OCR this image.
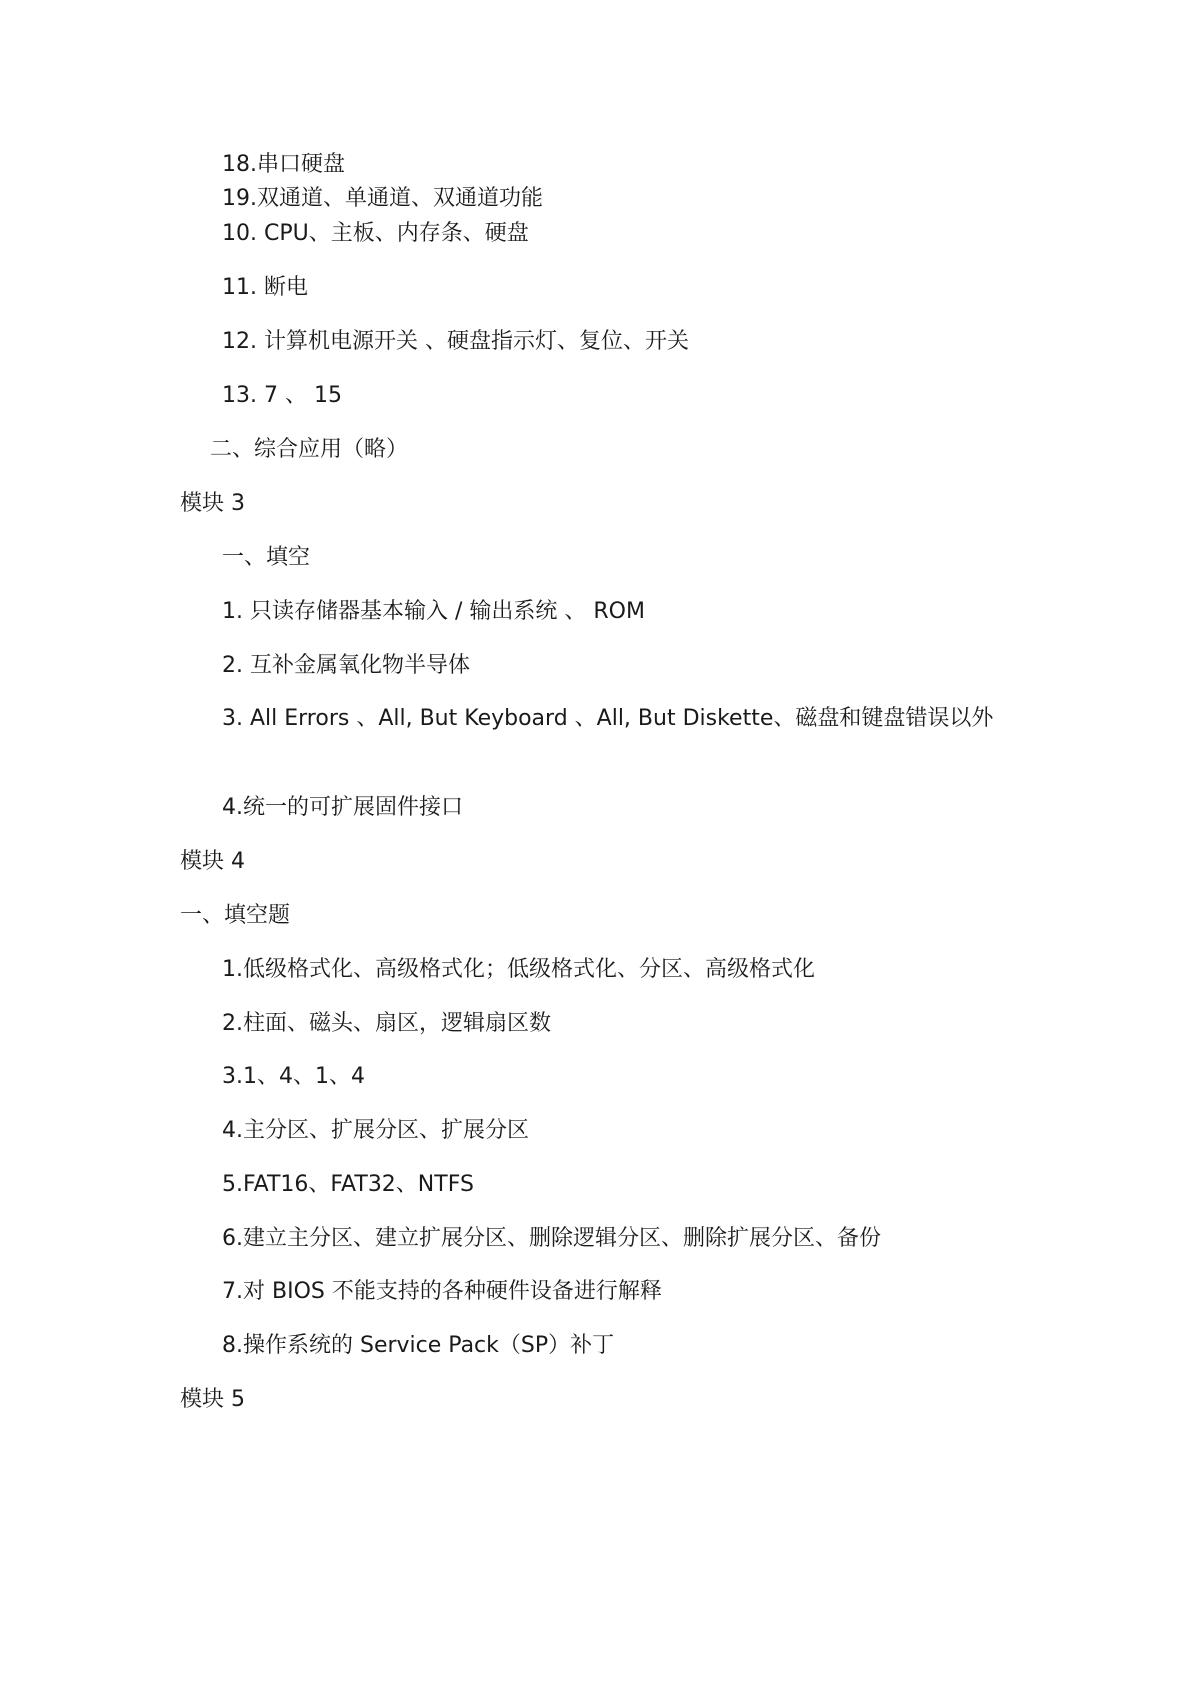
18.串口硬盘
19.双通道、单通道、双通道功能
10. CPU、主板、内存条、硬盘
11. 断电
12. 计算机电源开关 、硬盘指示灯、复位、开关
13. 7 、 15
二、综合应用（略）
模块 3
一、填空
1. 只读存储器基本输入 / 输出系统 、 ROM
2. 互补金属氧化物半导体
3. All Errors 、All, But Keyboard 、All, But Diskette、磁盘和键盘错误以外
4.统一的可扩展固件接口
模块 4
一、填空题
1.低级格式化、高级格式化；低级格式化、分区、高级格式化
2.柱面、磁头、扇区，逻辑扇区数
3.1、4、1、4
4.主分区、扩展分区、扩展分区
5.FAT16、FAT32、NTFS
6.建立主分区、建立扩展分区、删除逻辑分区、删除扩展分区、备份
7.对 BIOS 不能支持的各种硬件设备进行解释
8.操作系统的 Service Pack（SP）补丁
模块 5
